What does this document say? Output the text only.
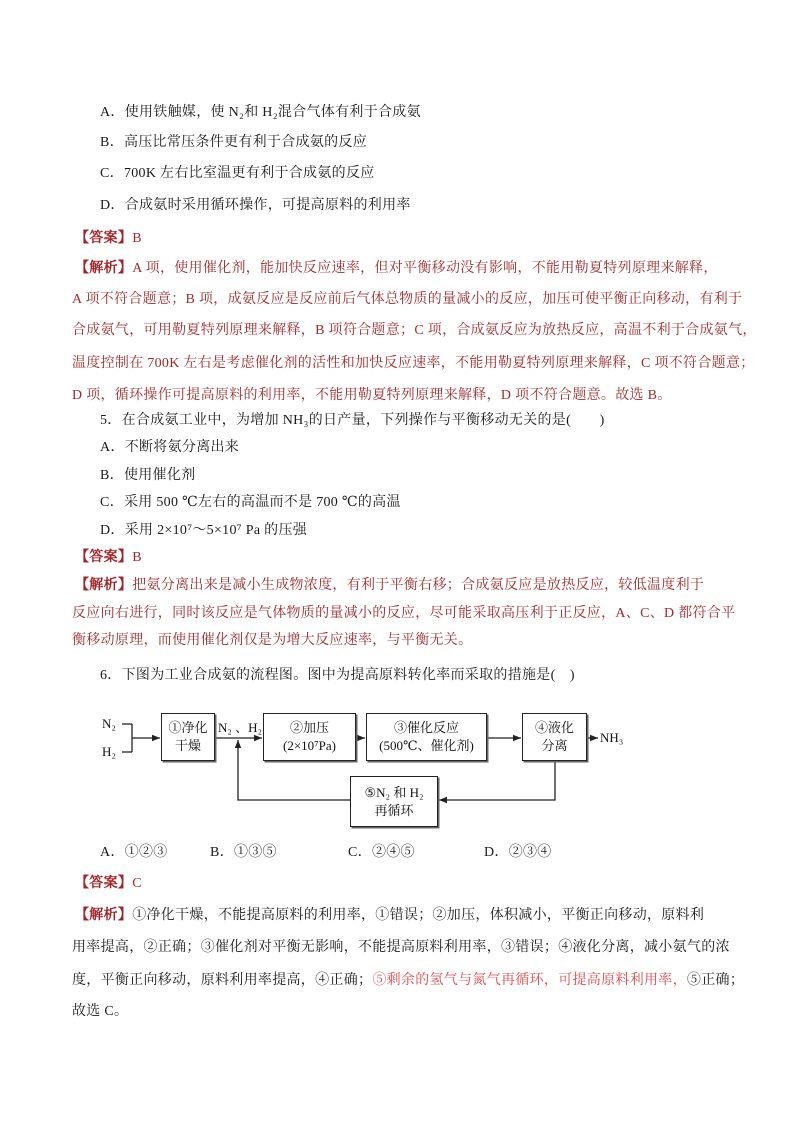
A．使用铁触媒，使 N₂和 H₂混合气体有利于合成氨
B．高压比常压条件更有利于合成氨的反应
C．700K 左右比室温更有利于合成氨的反应
D．合成氨时采用循环操作，可提高原料的利用率
【答案】B
【解析】A 项，使用催化剂，能加快反应速率，但对平衡移动没有影响，不能用勒夏特列原理来解释，
A 项不符合题意；B 项，成氨反应是反应前后气体总物质的量减小的反应，加压可使平衡正向移动，有利于
合成氨气，可用勒夏特列原理来解释，B 项符合题意；C 项，合成氨反应为放热反应，高温不利于合成氨气，
温度控制在 700K 左右是考虑催化剂的活性和加快反应速率，不能用勒夏特列原理来解释，C 项不符合题意；
D 项，循环操作可提高原料的利用率，不能用勒夏特列原理来解释，D 项不符合题意。故选 B。
5．在合成氨工业中，为增加 NH₃的日产量，下列操作与平衡移动无关的是(　　)
A．不断将氨分离出来
B．使用催化剂
C．采用 500 ℃左右的高温而不是 700 ℃的高温
D．采用 2×10⁷～5×10⁷ Pa 的压强
【答案】B
【解析】把氨分离出来是减小生成物浓度，有利于平衡右移；合成氨反应是放热反应，较低温度利于
反应向右进行，同时该反应是气体物质的量减小的反应，尽可能采取高压利于正反应，A、C、D 都符合平
衡移动原理，而使用催化剂仅是为增大反应速率，与平衡无关。
6．下图为工业合成氨的流程图。图中为提高原料转化率而采取的措施是(　)
N₂
H₂
N₂ 、H₂
①净化
干燥
②加压
(2×10⁷Pa)
③催化反应
(500℃、催化剂)
④液化
分离
NH₃
⑤N₂ 和 H₂
再循环
A．①②③	B．①③⑤	C．②④⑤	D．②③④
【答案】C
【解析】①净化干燥，不能提高原料的利用率，①错误；②加压，体积减小，平衡正向移动，原料利
用率提高，②正确；③催化剂对平衡无影响，不能提高原料利用率，③错误；④液化分离，减小氨气的浓
度，平衡正向移动，原料利用率提高，④正确；⑤剩余的氢气与氮气再循环，可提高原料利用率，⑤正确；
故选 C。
